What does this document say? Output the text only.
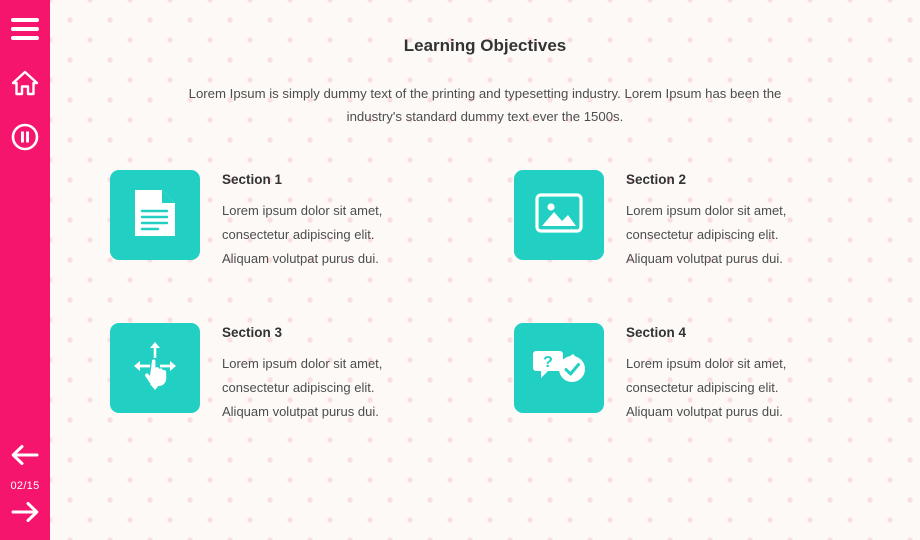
02/15
Learning Objectives
Lorem Ipsum is simply dummy text of the printing and typesetting industry. Lorem Ipsum has been the industry's standard dummy text ever the 1500s.
Section 1
Lorem ipsum dolor sit amet, consectetur adipiscing elit. Aliquam volutpat purus dui.
Section 2
Lorem ipsum dolor sit amet, consectetur adipiscing elit. Aliquam volutpat purus dui.
Section 3
Lorem ipsum dolor sit amet, consectetur adipiscing elit. Aliquam volutpat purus dui.
?
Section 4
Lorem ipsum dolor sit amet, consectetur adipiscing elit. Aliquam volutpat purus dui.
